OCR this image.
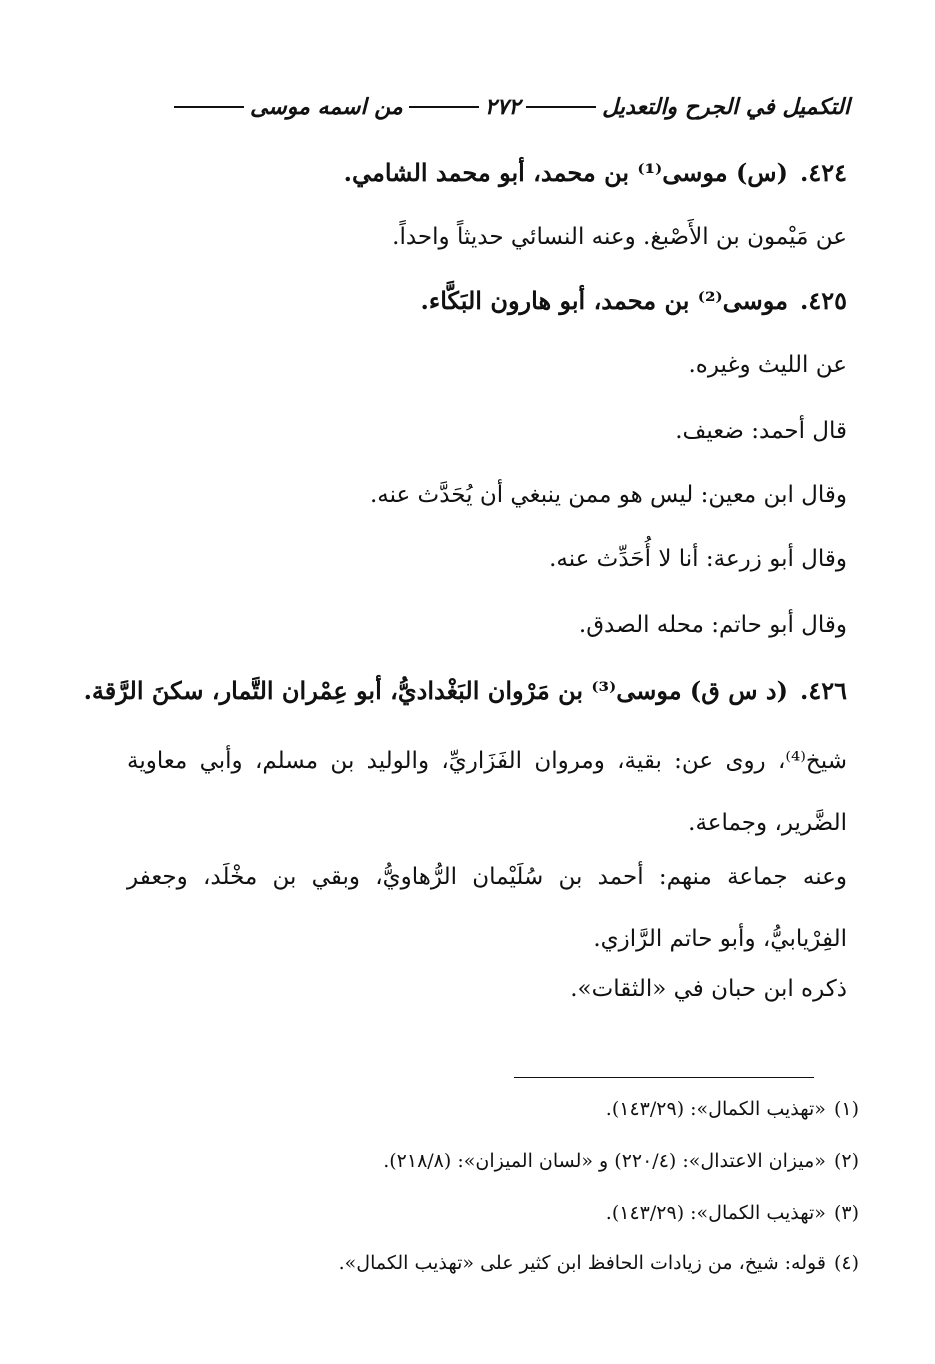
التكميل في الجرح والتعديل
٢٧٢
من اسمه موسى
٤٢٤.(س) موسى⁽¹⁾ بن محمد، أبو محمد الشامي.
عن مَيْمون بن الأَصْبغ. وعنه النسائي حديثاً واحداً.
٤٢٥.موسى⁽²⁾ بن محمد، أبو هارون البَكَّاء.
عن الليث وغيره.
قال أحمد: ضعيف.
وقال ابن معين: ليس هو ممن ينبغي أن يُحَدَّث عنه.
وقال أبو زرعة: أنا لا أُحَدِّث عنه.
وقال أبو حاتم: محله الصدق.
٤٢٦.(د س ق) موسى⁽³⁾ بن مَرْوان البَغْداديُّ، أبو عِمْران التَّمار، سكنَ الرَّقة.
شيخ⁽⁴⁾، روى عن: بقية، ومروان الفَزَاريِّ، والوليد بن مسلم، وأبي معاوية الضَّرير، وجماعة.
وعنه جماعة منهم: أحمد بن سُلَيْمان الرُّهاويُّ، وبقي بن مخْلَد، وجعفر الفِرْيابيُّ، وأبو حاتم الرَّازي.
ذكره ابن حبان في «الثقات».
(١)«تهذيب الكمال»: (١٤٣/٢٩).
(٢)«ميزان الاعتدال»: (٢٢٠/٤) و «لسان الميزان»: (٢١٨/٨).
(٣)«تهذيب الكمال»: (١٤٣/٢٩).
(٤)قوله: شيخ، من زيادات الحافظ ابن كثير على «تهذيب الكمال».
